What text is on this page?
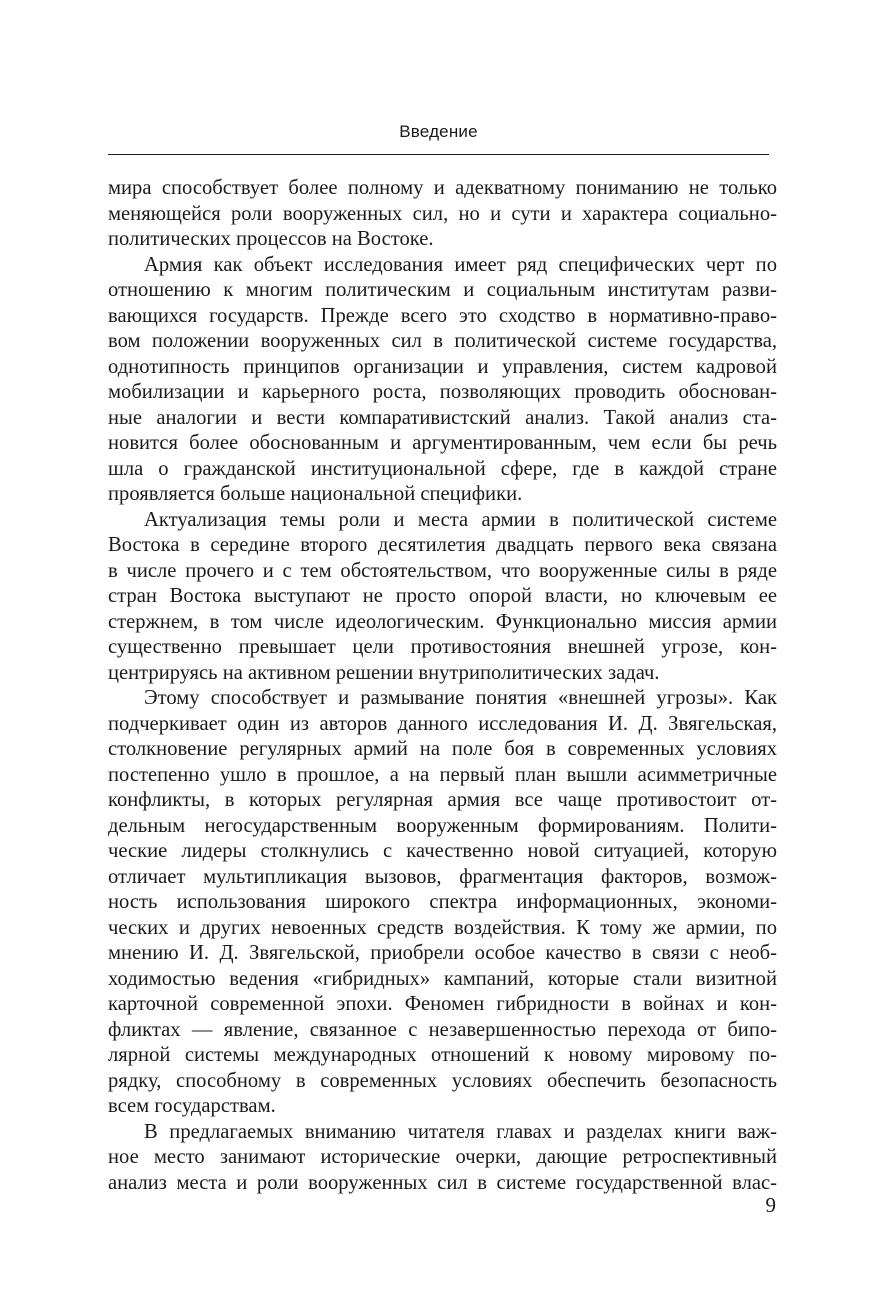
Введение

мира способствует более полному и адекватному пониманию не только
меняющейся роли вооруженных сил, но и сути и характера социально-
политических процессов на Востоке.

Армия как объект исследования имеет ряд специфических черт по
отношению к многим политическим и социальным институтам разви-
вающихся государств. Прежде всего это сходство в нормативно-право-
вом положении вооруженных сил в политической системе государства,
однотипность принципов организации и управления, систем кадровой
мобилизации и карьерного роста, позволяющих проводить обоснован-
ные аналогии и вести компаративистский анализ. Такой анализ ста-
новится более обоснованным и аргументированным, чем если бы речь
шла о гражданской институциональной сфере, где в каждой стране
проявляется больше национальной специфики.

Актуализация темы роли и места армии в политической системе
Востока в середине второго десятилетия двадцать первого века связана
в числе прочего и с тем обстоятельством, что вооруженные силы в ряде
стран Востока выступают не просто опорой власти, но ключевым ее
стержнем, в том числе идеологическим. Функционально миссия армии
существенно превышает цели противостояния внешней угрозе, кон-
центрируясь на активном решении внутриполитических задач.

Этому способствует и размывание понятия «внешней угрозы». Как
подчеркивает один из авторов данного исследования И. Д. Звягельская,
столкновение регулярных армий на поле боя в современных условиях
постепенно ушло в прошлое, а на первый план вышли асимметричные
конфликты, в которых регулярная армия все чаще противостоит от-
дельным негосударственным вооруженным формированиям. Полити-
ческие лидеры столкнулись с качественно новой ситуацией, которую
отличает мультипликация вызовов, фрагментация факторов, возмож-
ность использования широкого спектра информационных, экономи-
ческих и других невоенных средств воздействия. К тому же армии, по
мнению И. Д. Звягельской, приобрели особое качество в связи с необ-
ходимостью ведения «гибридных» кампаний, которые стали визитной
карточной современной эпохи. Феномен гибридности в войнах и кон-
фликтах — явление, связанное с незавершенностью перехода от бипо-
лярной системы международных отношений к новому мировому по-
рядку, способному в современных условиях обеспечить безопасность
всем государствам.

В предлагаемых вниманию читателя главах и разделах книги важ-
ное место занимают исторические очерки, дающие ретроспективный
анализ места и роли вооруженных сил в системе государственной влас-

9
